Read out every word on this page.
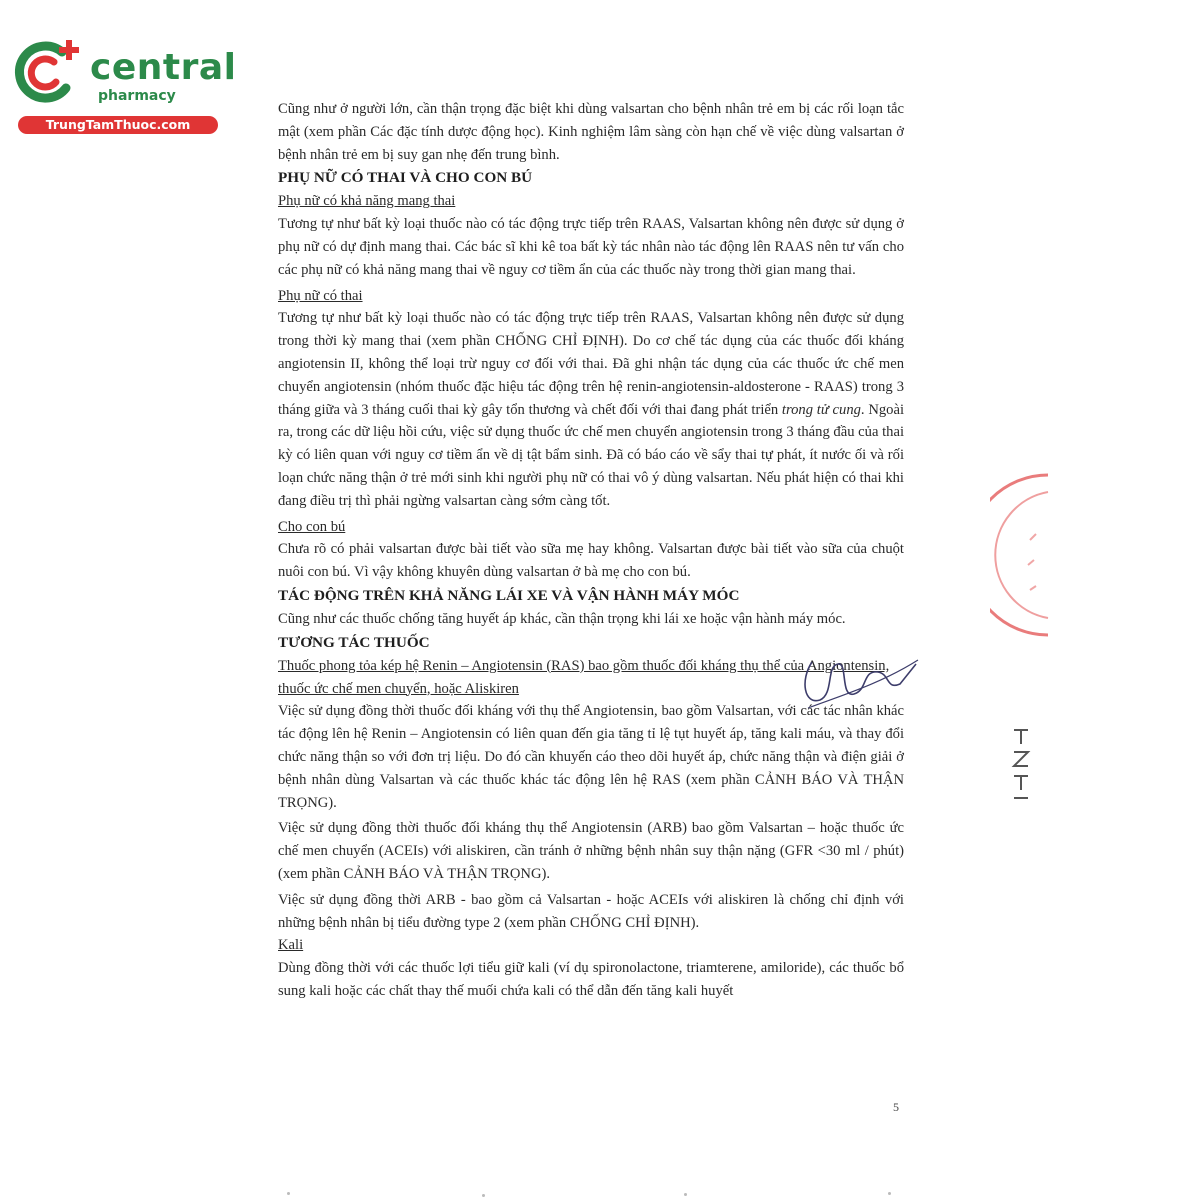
central
pharmacy
TrungTamThuoc.com

Cũng như ở người lớn, cần thận trọng đặc biệt khi dùng valsartan cho bệnh nhân trẻ em bị các rối loạn tắc mật (xem phần Các đặc tính dược động học). Kinh nghiệm lâm sàng còn hạn chế về việc dùng valsartan ở bệnh nhân trẻ em bị suy gan nhẹ đến trung bình.

PHỤ NỮ CÓ THAI VÀ CHO CON BÚ
Phụ nữ có khả năng mang thai

Tương tự như bất kỳ loại thuốc nào có tác động trực tiếp trên RAAS, Valsartan không nên được sử dụng ở phụ nữ có dự định mang thai. Các bác sĩ khi kê toa bất kỳ tác nhân nào tác động lên RAAS nên tư vấn cho các phụ nữ có khả năng mang thai về nguy cơ tiềm ẩn của các thuốc này trong thời gian mang thai.

Phụ nữ có thai

Tương tự như bất kỳ loại thuốc nào có tác động trực tiếp trên RAAS, Valsartan không nên được sử dụng trong thời kỳ mang thai (xem phần CHỐNG CHỈ ĐỊNH). Do cơ chế tác dụng của các thuốc đối kháng angiotensin II, không thể loại trừ nguy cơ đối với thai. Đã ghi nhận tác dụng của các thuốc ức chế men chuyển angiotensin (nhóm thuốc đặc hiệu tác động trên hệ renin-angiotensin-aldosterone - RAAS) trong 3 tháng giữa và 3 tháng cuối thai kỳ gây tổn thương và chết đối với thai đang phát triển trong tử cung. Ngoài ra, trong các dữ liệu hồi cứu, việc sử dụng thuốc ức chế men chuyển angiotensin trong 3 tháng đầu của thai kỳ có liên quan với nguy cơ tiềm ẩn về dị tật bẩm sinh. Đã có báo cáo về sẩy thai tự phát, ít nước ối và rối loạn chức năng thận ở trẻ mới sinh khi người phụ nữ có thai vô ý dùng valsartan. Nếu phát hiện có thai khi đang điều trị thì phải ngừng valsartan càng sớm càng tốt.

Cho con bú

Chưa rõ có phải valsartan được bài tiết vào sữa mẹ hay không. Valsartan được bài tiết vào sữa của chuột nuôi con bú. Vì vậy không khuyên dùng valsartan ở bà mẹ cho con bú.

TÁC ĐỘNG TRÊN KHẢ NĂNG LÁI XE VÀ VẬN HÀNH MÁY MÓC

Cũng như các thuốc chống tăng huyết áp khác, cần thận trọng khi lái xe hoặc vận hành máy móc.

TƯƠNG TÁC THUỐC
Thuốc phong tỏa kép hệ Renin – Angiotensin (RAS) bao gồm thuốc đối kháng thụ thể của Angiontensin, thuốc ức chế men chuyển, hoặc Aliskiren

Việc sử dụng đồng thời thuốc đối kháng với thụ thể Angiotensin, bao gồm Valsartan, với các tác nhân khác tác động lên hệ Renin – Angiotensin có liên quan đến gia tăng tỉ lệ tụt huyết áp, tăng kali máu, và thay đổi chức năng thận so với đơn trị liệu. Do đó cần khuyến cáo theo dõi huyết áp, chức năng thận và điện giải ở bệnh nhân dùng Valsartan và các thuốc khác tác động lên hệ RAS (xem phần CẢNH BÁO VÀ THẬN TRỌNG).

Việc sử dụng đồng thời thuốc đối kháng thụ thể Angiotensin (ARB) bao gồm Valsartan – hoặc thuốc ức chế men chuyển (ACEIs) với aliskiren, cần tránh ở những bệnh nhân suy thận nặng (GFR <30 ml / phút) (xem phần CẢNH BÁO VÀ THẬN TRỌNG).

Việc sử dụng đồng thời ARB - bao gồm cả Valsartan - hoặc ACEIs với aliskiren là chống chỉ định với những bệnh nhân bị tiểu đường type 2 (xem phần CHỐNG CHỈ ĐỊNH).

Kali

Dùng đồng thời với các thuốc lợi tiểu giữ kali (ví dụ spironolactone, triamterene, amiloride), các thuốc bổ sung kali hoặc các chất thay thế muối chứa kali có thể dẫn đến tăng kali huyết

5
